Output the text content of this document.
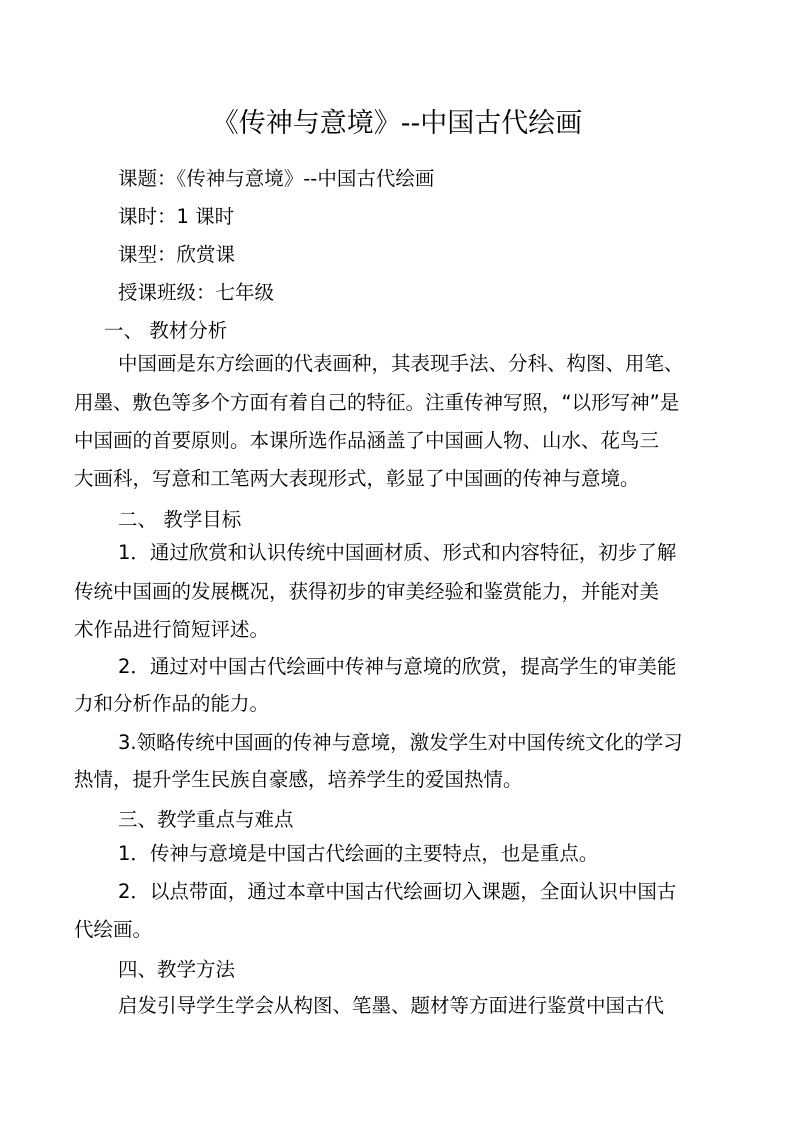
《传神与意境》--中国古代绘画

课题：《传神与意境》--中国古代绘画

课时：1 课时

课型：欣赏课

授课班级：七年级

一、 教材分析

中国画是东方绘画的代表画种，其表现手法、分科、构图、用笔、

用墨、敷色等多个方面有着自己的特征。注重传神写照，“以形写神”是

中国画的首要原则。本课所选作品涵盖了中国画人物、山水、花鸟三

大画科，写意和工笔两大表现形式，彰显了中国画的传神与意境。

二、 教学目标

1．通过欣赏和认识传统中国画材质、形式和内容特征，初步了解

传统中国画的发展概况，获得初步的审美经验和鉴赏能力，并能对美

术作品进行简短评述。

2．通过对中国古代绘画中传神与意境的欣赏，提高学生的审美能

力和分析作品的能力。

3.领略传统中国画的传神与意境，激发学生对中国传统文化的学习

热情，提升学生民族自豪感，培养学生的爱国热情。

三、教学重点与难点

1．传神与意境是中国古代绘画的主要特点，也是重点。

2．以点带面，通过本章中国古代绘画切入课题，全面认识中国古

代绘画。

四、教学方法

启发引导学生学会从构图、笔墨、题材等方面进行鉴赏中国古代
